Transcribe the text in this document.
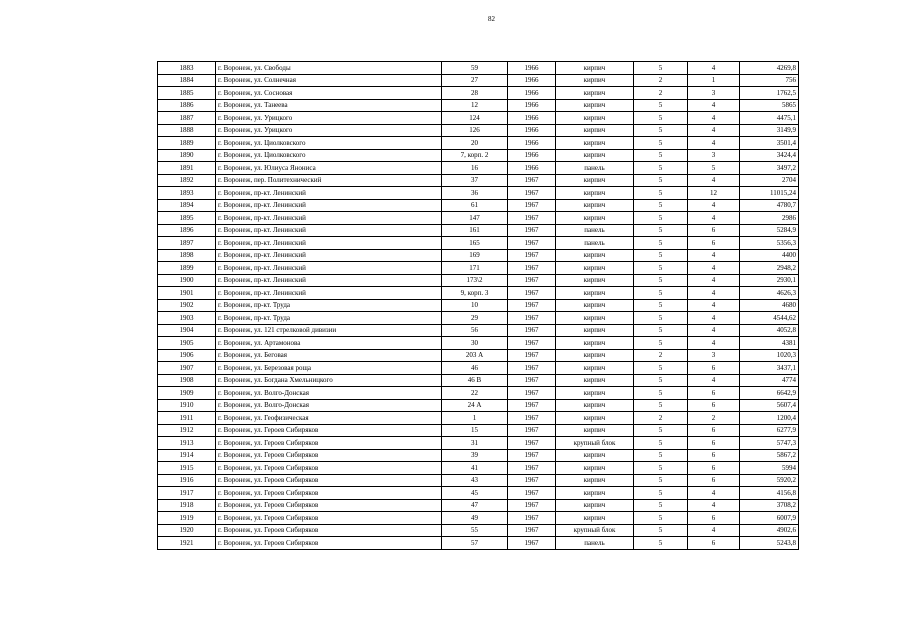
82
1883	г. Воронеж, ул. Свободы	59	1966	кирпич	5	4	4269,8
1884	г. Воронеж, ул. Солнечная	27	1966	кирпич	2	1	756
1885	г. Воронеж, ул. Сосновая	28	1966	кирпич	2	3	1762,5
1886	г. Воронеж, ул. Танеева	12	1966	кирпич	5	4	5865
1887	г. Воронеж, ул. Урицкого	124	1966	кирпич	5	4	4475,1
1888	г. Воронеж, ул. Урицкого	126	1966	кирпич	5	4	3149,9
1889	г. Воронеж, ул. Циолковского	20	1966	кирпич	5	4	3501,4
1890	г. Воронеж, ул. Циолковского	7, корп. 2	1966	кирпич	5	3	3424,4
1891	г. Воронеж, ул. Юлиуса Янониса	16	1966	панель	5	5	3497,2
1892	г. Воронеж, пер. Политехнический	37	1967	кирпич	5	4	2704
1893	г. Воронеж, пр-кт. Ленинский	36	1967	кирпич	5	12	11015,24
1894	г. Воронеж, пр-кт. Ленинский	61	1967	кирпич	5	4	4780,7
1895	г. Воронеж, пр-кт. Ленинский	147	1967	кирпич	5	4	2986
1896	г. Воронеж, пр-кт. Ленинский	161	1967	панель	5	6	5284,9
1897	г. Воронеж, пр-кт. Ленинский	165	1967	панель	5	6	5356,3
1898	г. Воронеж, пр-кт. Ленинский	169	1967	кирпич	5	4	4400
1899	г. Воронеж, пр-кт. Ленинский	171	1967	кирпич	5	4	2948,2
1900	г. Воронеж, пр-кт. Ленинский	173\2	1967	кирпич	5	4	2930,1
1901	г. Воронеж, пр-кт. Ленинский	9, корп. 3	1967	кирпич	5	4	4626,3
1902	г. Воронеж, пр-кт. Труда	10	1967	кирпич	5	4	4680
1903	г. Воронеж, пр-кт. Труда	29	1967	кирпич	5	4	4544,62
1904	г. Воронеж, ул. 121 стрелковой дивизии	56	1967	кирпич	5	4	4052,8
1905	г. Воронеж, ул. Артамонова	30	1967	кирпич	5	4	4381
1906	г. Воронеж, ул. Беговая	203 А	1967	кирпич	2	3	1020,3
1907	г. Воронеж, ул. Березовая роща	46	1967	кирпич	5	6	3437,1
1908	г. Воронеж, ул. Богдана Хмельницкого	46 В	1967	кирпич	5	4	4774
1909	г. Воронеж, ул. Волго-Донская	22	1967	кирпич	5	6	6642,9
1910	г. Воронеж, ул. Волго-Донская	24 А	1967	кирпич	5	6	5607,4
1911	г. Воронеж, ул. Геофизическая	1	1967	кирпич	2	2	1200,4
1912	г. Воронеж, ул. Героев Сибиряков	15	1967	кирпич	5	6	6277,9
1913	г. Воронеж, ул. Героев Сибиряков	31	1967	крупный блок	5	6	5747,3
1914	г. Воронеж, ул. Героев Сибиряков	39	1967	кирпич	5	6	5867,2
1915	г. Воронеж, ул. Героев Сибиряков	41	1967	кирпич	5	6	5994
1916	г. Воронеж, ул. Героев Сибиряков	43	1967	кирпич	5	6	5920,2
1917	г. Воронеж, ул. Героев Сибиряков	45	1967	кирпич	5	4	4156,8
1918	г. Воронеж, ул. Героев Сибиряков	47	1967	кирпич	5	4	3708,2
1919	г. Воронеж, ул. Героев Сибиряков	49	1967	кирпич	5	6	6007,9
1920	г. Воронеж, ул. Героев Сибиряков	55	1967	крупный блок	5	4	4902,6
1921	г. Воронеж, ул. Героев Сибиряков	57	1967	панель	5	6	5243,8
